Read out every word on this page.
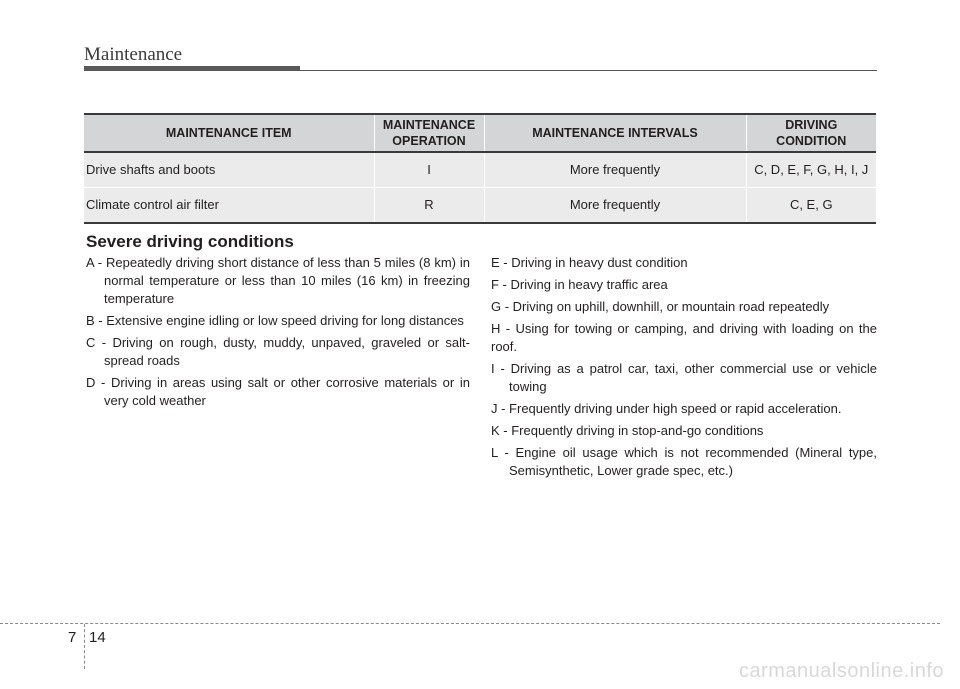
Maintenance
MAINTENANCE ITEM	MAINTENANCE OPERATION	MAINTENANCE INTERVALS	DRIVING CONDITION
Drive shafts and boots	I	More frequently	C, D, E, F, G, H, I, J
Climate control air filter	R	More frequently	C, E, G
Severe driving conditions

A - Repeatedly driving short distance of less than 5 miles (8 km) in normal temperature or less than 10 miles (16 km) in freezing temperature

B - Extensive engine idling or low speed driving for long distances

C - Driving on rough, dusty, muddy, unpaved, graveled or salt-spread roads

D - Driving in areas using salt or other corrosive materials or in very cold weather

E - Driving in heavy dust condition

F - Driving in heavy traffic area

G - Driving on uphill, downhill, or mountain road repeatedly

H - Using for towing or camping, and driving with loading on the roof.

I - Driving as a patrol car, taxi, other commercial use or vehicle towing

J - Frequently driving under high speed or rapid acceleration.

K - Frequently driving in stop-and-go conditions

L - Engine oil usage which is not recommended (Mineral type, Semisynthetic, Lower grade spec, etc.)

7 14
carmanualsonline.info
